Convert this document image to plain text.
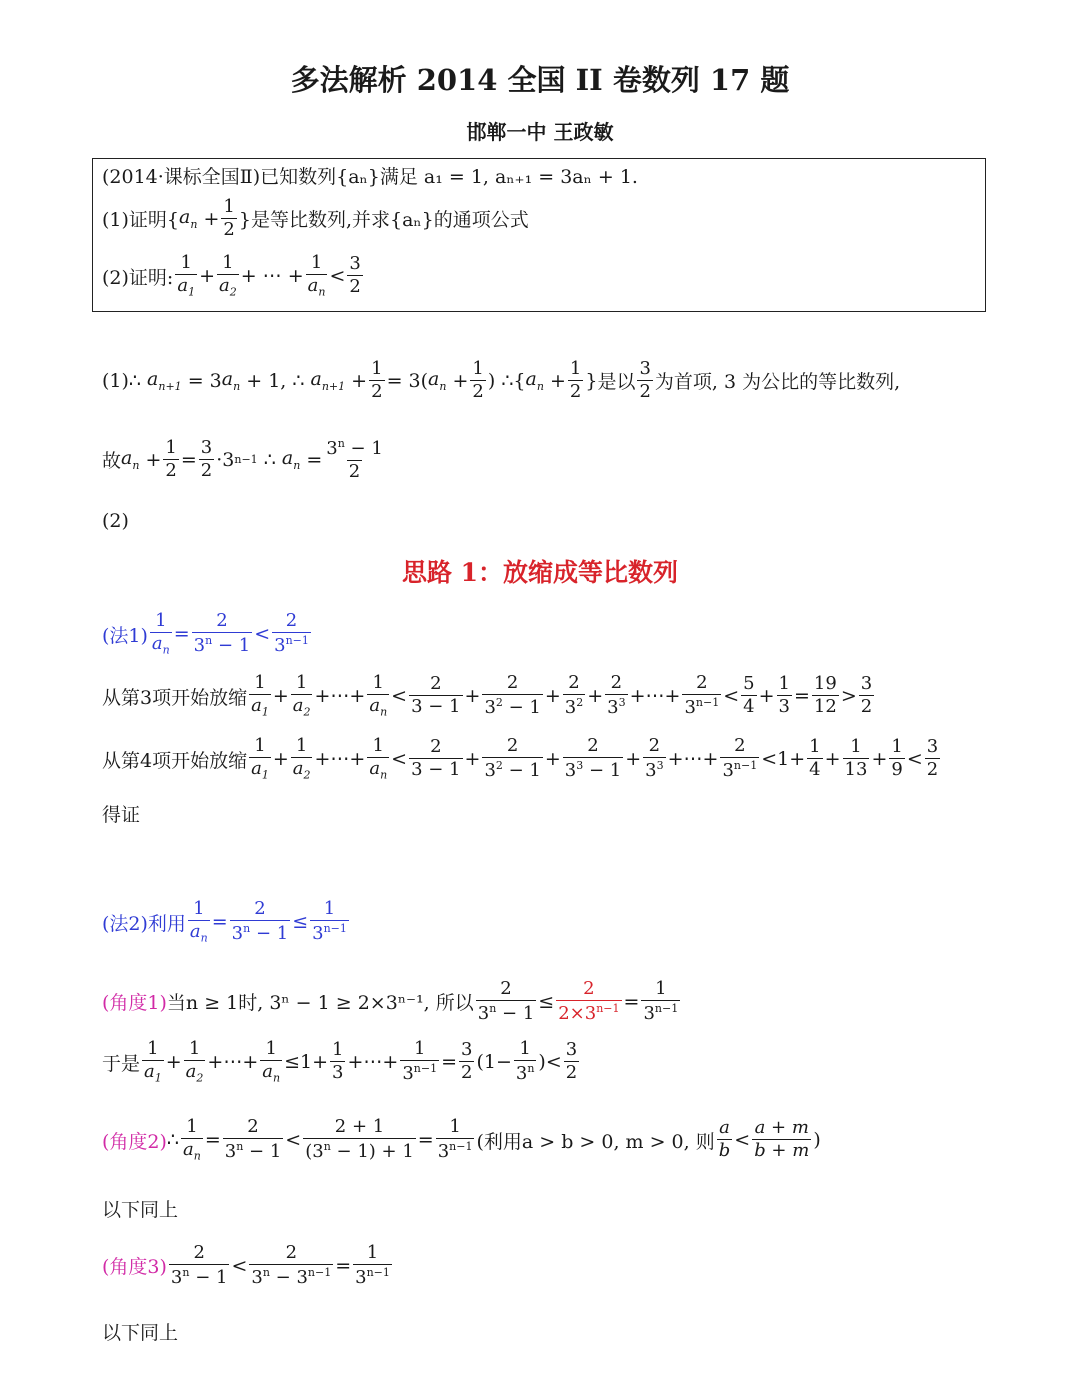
多法解析 2014 全国 II 卷数列 17 题
邯郸一中 王政敏
(2014·课标全国Ⅱ)已知数列{aₙ}满足 a₁ = 1, aₙ₊₁ = 3aₙ + 1.
(1)证明{ $a_n + \frac{1}{2}$ }是等比数列,并求{aₙ}的通项公式
(2)证明: $\frac{1}{a_1} + \frac{1}{a_2}$ + ⋯ + $\frac{1}{a_n} < \frac{3}{2}$
(1)∴ $a_{n+1} = 3$ $a_n + 1$, ∴ $a_{n+1} + \frac{1}{2} = 3$( $a_n + \frac{1}{2}$ ) ∴{ $a_n + \frac{1}{2}$ } 是以 $\frac{3}{2}$ 为首项, 3 为公比的等比数列,
故 $a_n + \frac{1}{2} = \frac{3}{2} \cdot 3$ n−1 ∴ $a_n = \frac{3^n - 1}{2}$
(2)
思路 1：放缩成等比数列
(法$1) \frac{1}{a_n} = \frac{2}{3^n - 1} < \frac{2}{3^{n-1}}$
从第3项开始放缩 $\frac{1}{a_1} + \frac{1}{a_2}$ +⋯+ $\frac{1}{a_n} < \frac{2}{3 - 1} + \frac{2}{3^2 - 1} + \frac{2}{3^2} + \frac{2}{3^3}$ +⋯+ $\frac{2}{3^{n-1}} < \frac{5}{4} + \frac{1}{3} = \frac{19}{12} > \frac{3}{2}$
从第4项开始放缩 $\frac{1}{a_1} + \frac{1}{a_2}$ +⋯+ $\frac{1}{a_n} < \frac{2}{3 - 1} + \frac{2}{3^2 - 1} + \frac{2}{3^3 - 1} + \frac{2}{3^3}$ +⋯+ $\frac{2}{3^{n-1}} <1+ \frac{1}{4} + \frac{1}{13} + \frac{1}{9} < \frac{3}{2}$
得证
(法2)利用 $\frac{1}{a_n} = \frac{2}{3^n - 1} \le \frac{1}{3^{n-1}}$
(角度1) 当n ≥ 1时, 3ⁿ − 1 ≥ 2×3ⁿ⁻¹, 所以 $\frac{2}{3^n - 1} \le \frac{2}{2\times 3^{n-1}} = \frac{1}{3^{n-1}}$
于是 $\frac{1}{a_1} + \frac{1}{a_2}$ +⋯+ $\frac{1}{a_n} \le 1+ \frac{1}{3}$ +⋯+ $\frac{1}{3^{n-1}} = \frac{3}{2} (1- \frac{1}{3^n}$ )< $\frac{3}{2}$
(角度2) ∴ $\frac{1}{a_n} = \frac{2}{3^n - 1} < \frac{2 + 1}{(3^n - 1) + 1} = \frac{1}{3^{n-1}}$ (利用a > b > 0, m > 0, 则 $\frac{a}{b} < \frac{a + m}{b + m}$ )
以下同上
(角度$3) \frac{2}{3^n - 1} < \frac{2}{3^n - 3^{n-1}} = \frac{1}{3^{n-1}}$
以下同上
